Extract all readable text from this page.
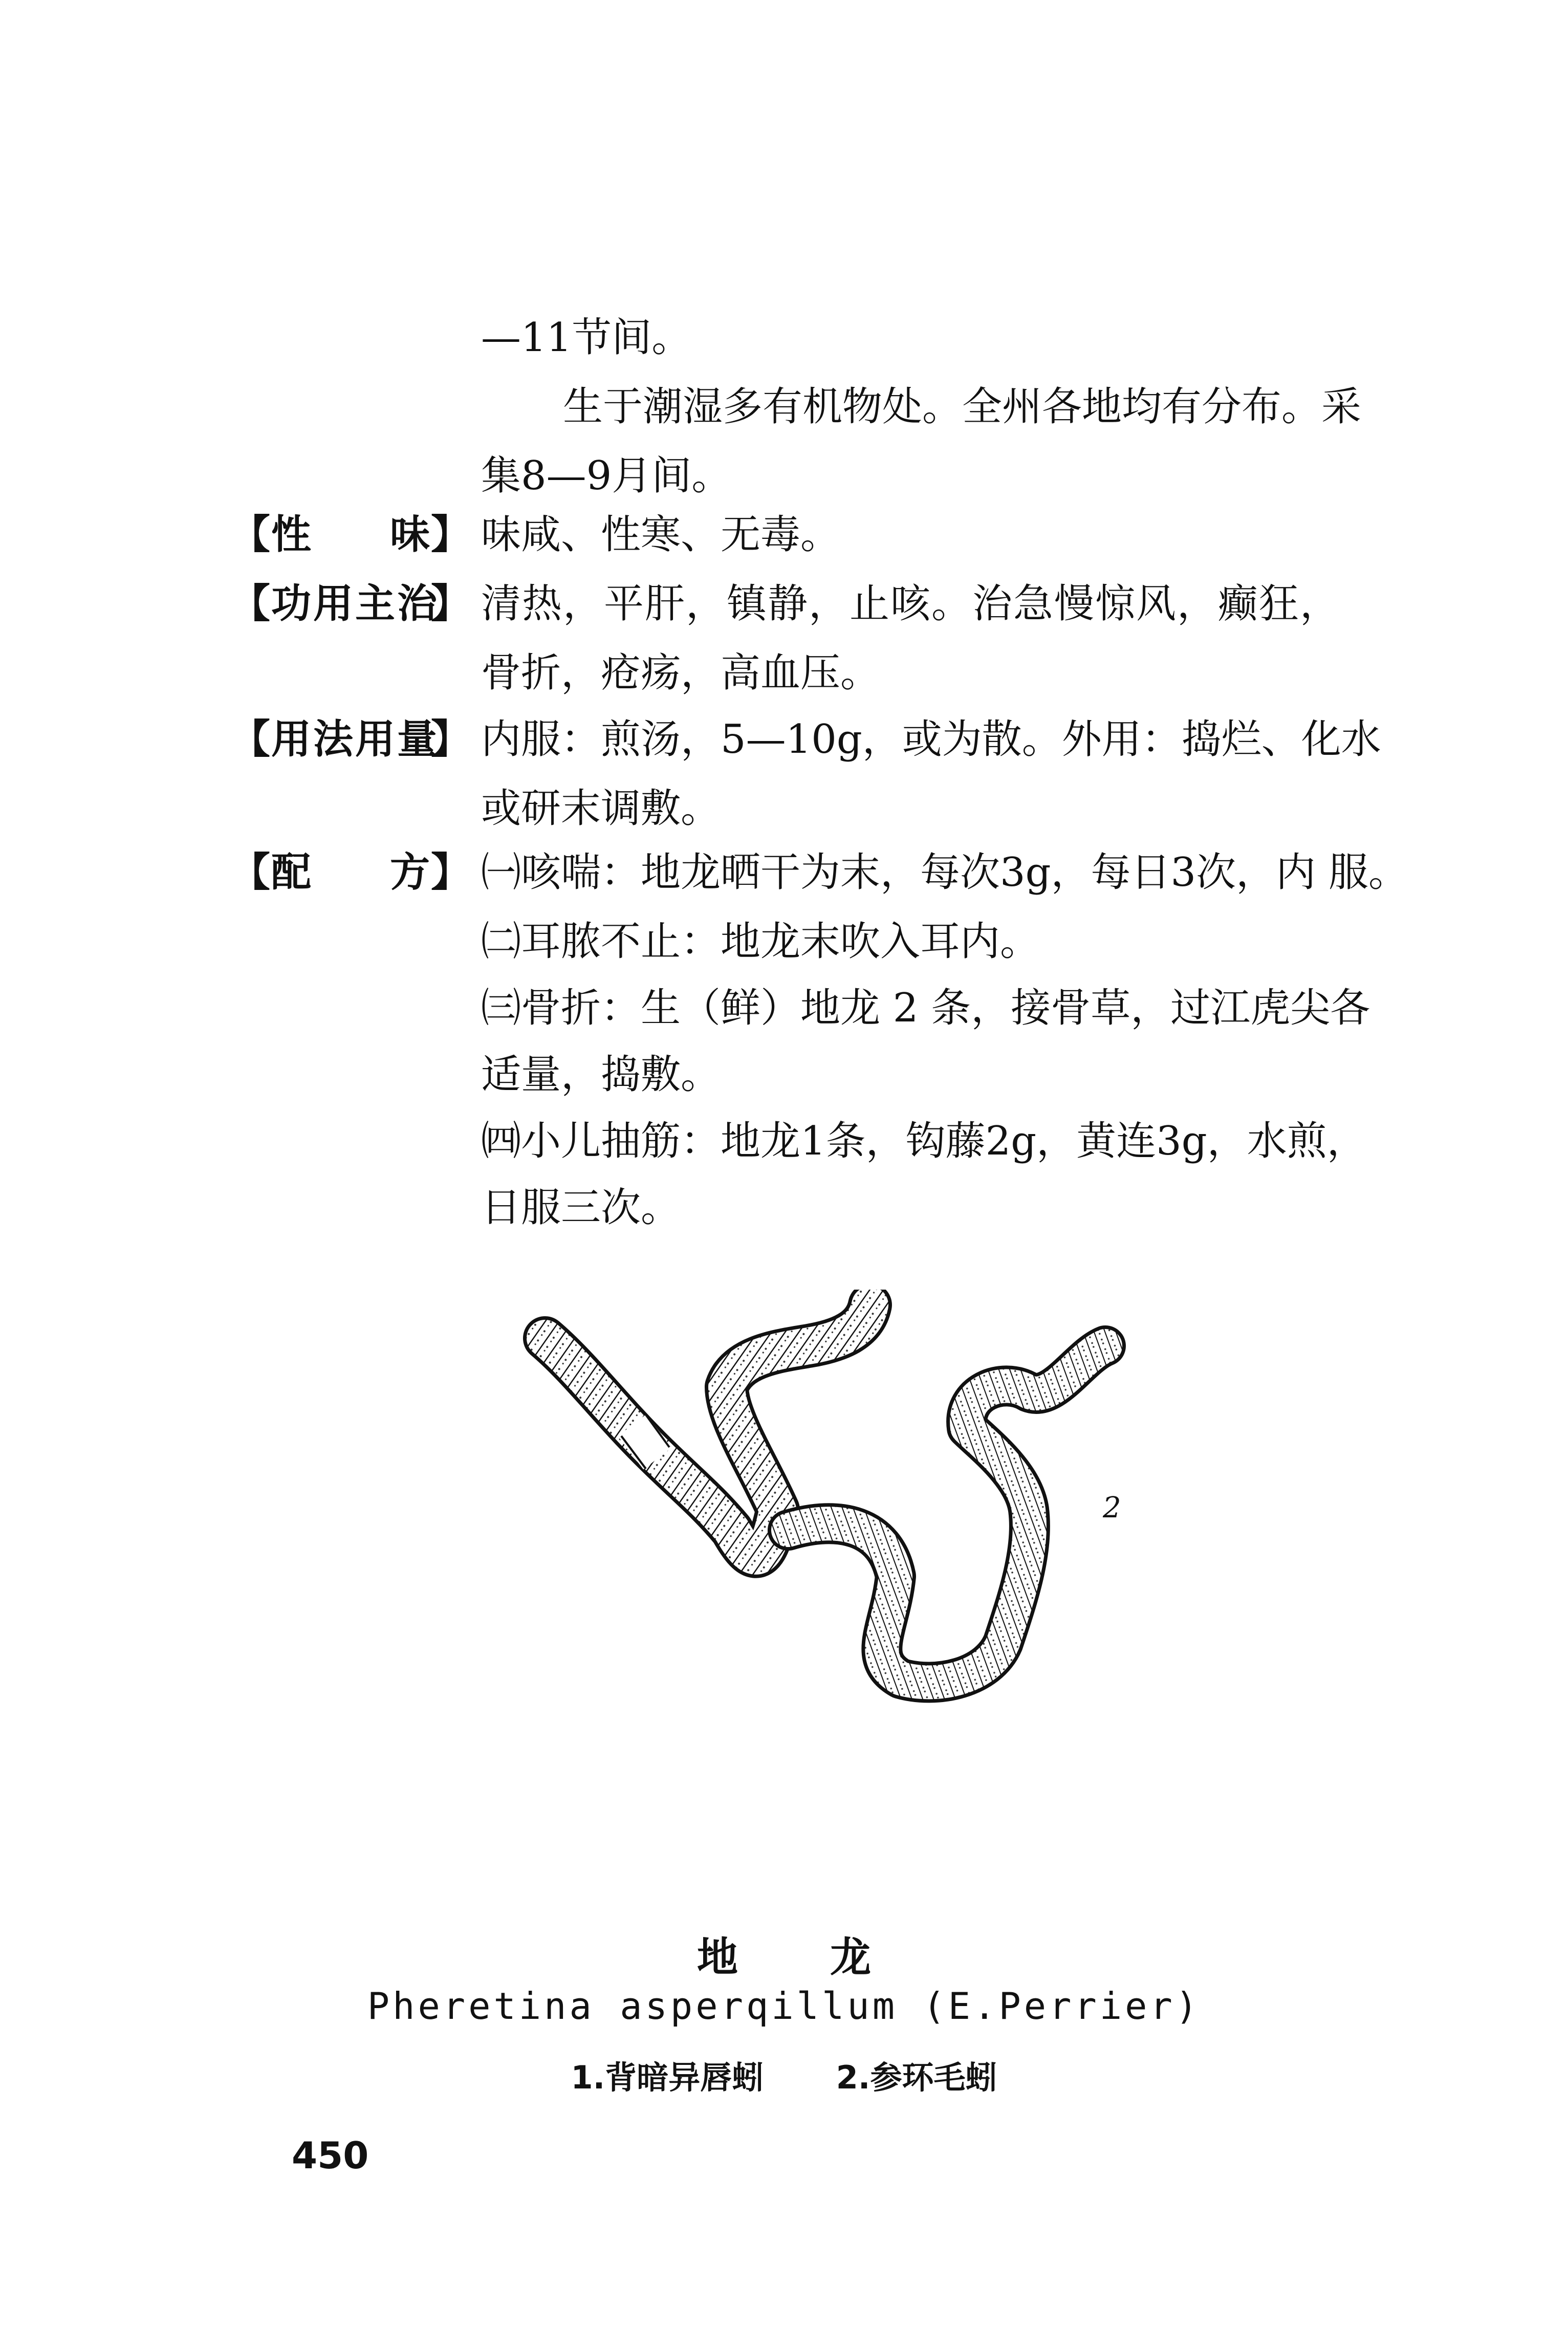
—11节间。
生于潮湿多有机物处。全州各地均有分布。采
集8—9月间。
【 性 味 】 味咸、性寒、无毒。
【 功用主治
】 清热，平肝，镇静，止咳。治急慢惊风，癫狂，
骨折，疮疡，高血压。
【 用法用量
】 内服：煎汤，5—10g，或为散。外用：捣烂、化水
或研末调敷。
【 配 方 】 ㈠咳喘：地龙晒干为末，每次3g，每日3次，内 服。
㈡耳脓不止：地龙末吹入耳内。
㈢骨折：生（鲜）地龙 2 条，接骨草，过江虎尖各
适量，捣敷。
㈣小儿抽筋：地龙1条，钩藤2g，黄连3g，水煎，
日服三次。
2
地龙
Pheretina asperqillum (E.Perrier)
1.背暗异唇蚓 2.参环毛蚓
450
